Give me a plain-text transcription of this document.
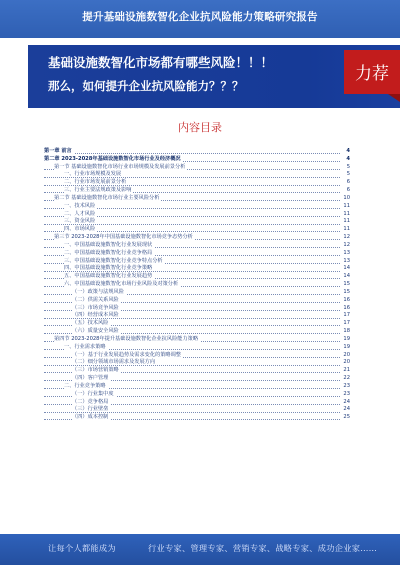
提升基础设施数智化企业抗风险能力策略研究报告
基础设施数智化市场都有哪些风险！！！
那么，如何提升企业抗风险能力？？？
力荐
内容目录
第一章 前言	4
第二章 2023-2028年基础设施数智化市场行业及经济概况	4
第一节 基础设施数智化市场行业市场规模及发展前景分析	5
一、行业市场规模及发展	5
二、行业市场发展前景分析	6
三、行业主要法规政策及影响	6
第二节 基础设施数智化市场行业主要风险分析	10
一、技术风险	11
二、人才风险	11
三、资金风险	11
四、市场风险	11
第三节 2023-2028年中国基础设施数智化市场竞争态势分析	12
一、中国基础设施数智化行业发展现状	12
二、中国基础设施数智化行业竞争格局	13
三、中国基础设施数智化行业竞争特点分析	13
四、中国基础设施数智化行业竞争策略	14
五、中国基础设施数智化行业发展趋势	14
六、中国基础设施数智化市场行业风险及对策分析	15
（一）政策与法规风险	15
（二）供需关系风险	16
（三）市场竞争风险	16
（四）经营成本风险	17
（五）技术风险	17
（六）质量安全风险	18
第四节 2023-2028年提升基础设施数智化企业抗风险能力策略	19
一、行业需求策略	19
（一）基于行业发展趋势及需求变化的策略调整	20
（二）细分领域市场需求及发展方向	20
（三）市场营销策略	21
（四）客户管理	22
二、行业竞争策略	23
（一）行业集中度	23
（二）竞争格局	24
（三）行业壁垒	24
（四）成本控制	25
让每个人都能成为	行业专家、管理专家、营销专家、战略专家、成功企业家……
